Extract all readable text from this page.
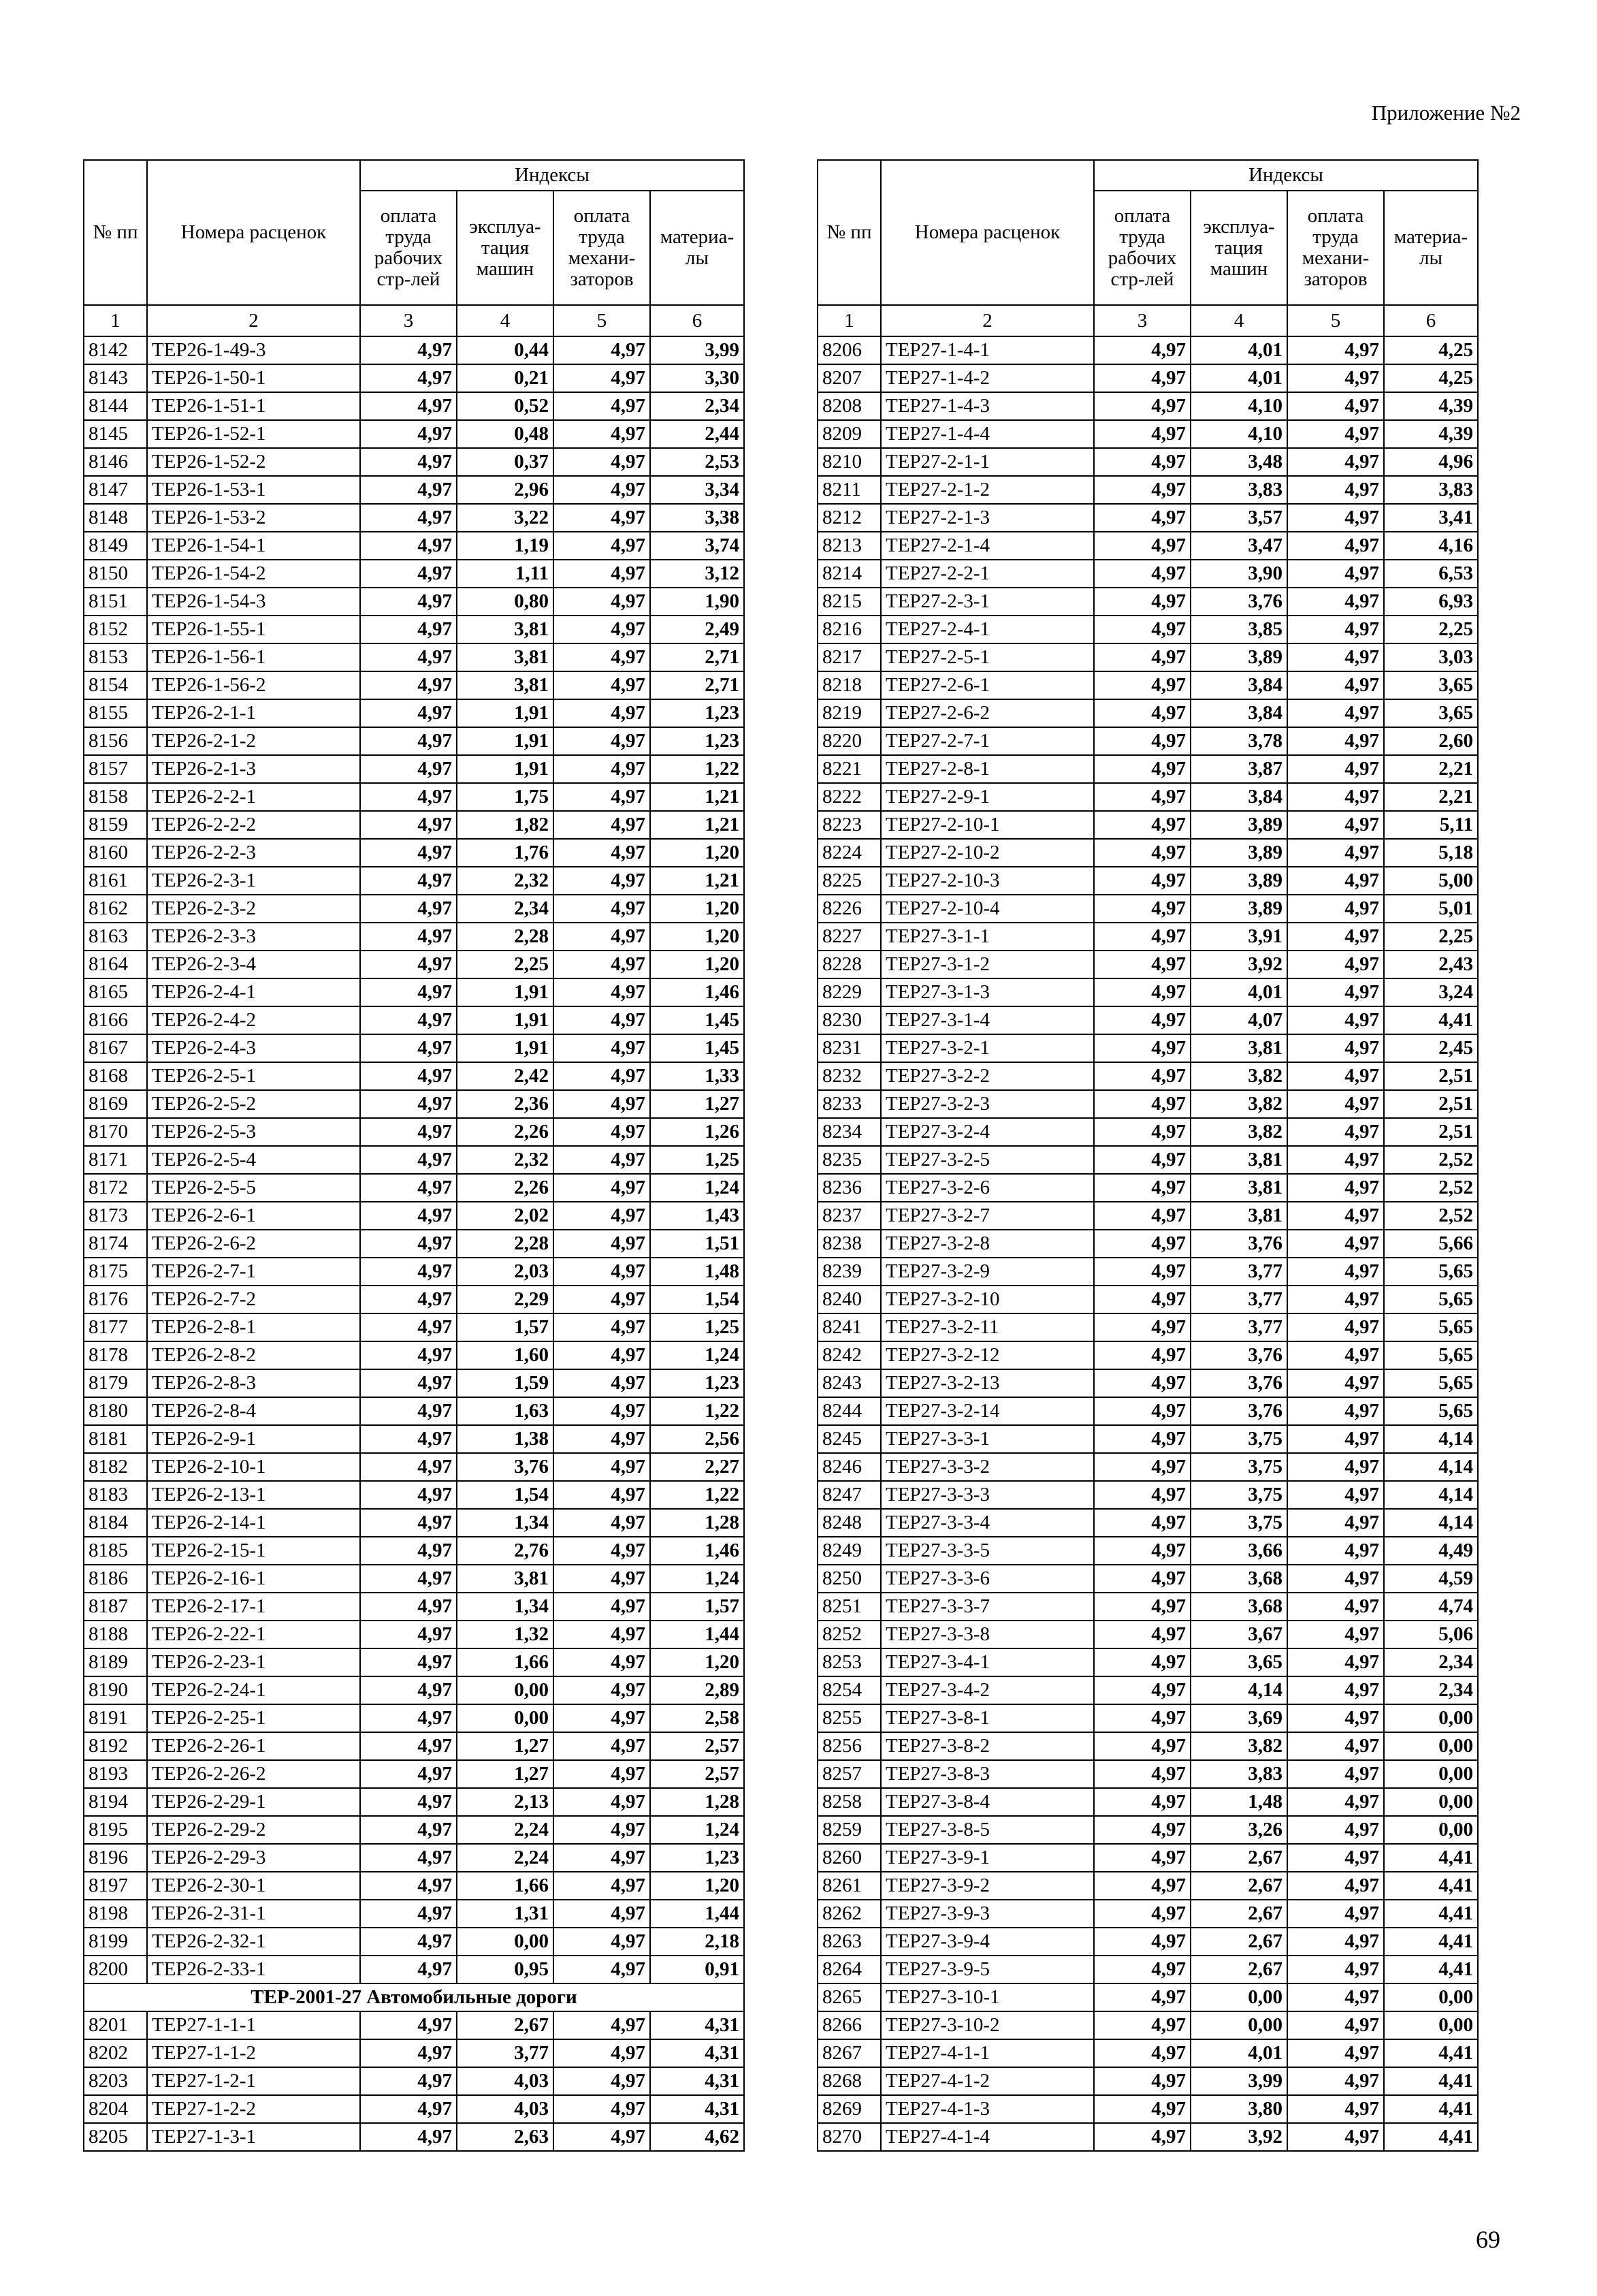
Приложение №2
№ пп	Номера расценок	Индексы			
		оплата труда рабочих стр-лей	эксплуа-тация машин	оплата труда механи-заторов	материа-лы
1	2	3	4	5	6
8142	ТЕР26-1-49-3	4,97	0,44	4,97	3,99
8143	ТЕР26-1-50-1	4,97	0,21	4,97	3,30
8144	ТЕР26-1-51-1	4,97	0,52	4,97	2,34
8145	ТЕР26-1-52-1	4,97	0,48	4,97	2,44
8146	ТЕР26-1-52-2	4,97	0,37	4,97	2,53
8147	ТЕР26-1-53-1	4,97	2,96	4,97	3,34
8148	ТЕР26-1-53-2	4,97	3,22	4,97	3,38
8149	ТЕР26-1-54-1	4,97	1,19	4,97	3,74
8150	ТЕР26-1-54-2	4,97	1,11	4,97	3,12
8151	ТЕР26-1-54-3	4,97	0,80	4,97	1,90
8152	ТЕР26-1-55-1	4,97	3,81	4,97	2,49
8153	ТЕР26-1-56-1	4,97	3,81	4,97	2,71
8154	ТЕР26-1-56-2	4,97	3,81	4,97	2,71
8155	ТЕР26-2-1-1	4,97	1,91	4,97	1,23
8156	ТЕР26-2-1-2	4,97	1,91	4,97	1,23
8157	ТЕР26-2-1-3	4,97	1,91	4,97	1,22
8158	ТЕР26-2-2-1	4,97	1,75	4,97	1,21
8159	ТЕР26-2-2-2	4,97	1,82	4,97	1,21
8160	ТЕР26-2-2-3	4,97	1,76	4,97	1,20
8161	ТЕР26-2-3-1	4,97	2,32	4,97	1,21
8162	ТЕР26-2-3-2	4,97	2,34	4,97	1,20
8163	ТЕР26-2-3-3	4,97	2,28	4,97	1,20
8164	ТЕР26-2-3-4	4,97	2,25	4,97	1,20
8165	ТЕР26-2-4-1	4,97	1,91	4,97	1,46
8166	ТЕР26-2-4-2	4,97	1,91	4,97	1,45
8167	ТЕР26-2-4-3	4,97	1,91	4,97	1,45
8168	ТЕР26-2-5-1	4,97	2,42	4,97	1,33
8169	ТЕР26-2-5-2	4,97	2,36	4,97	1,27
8170	ТЕР26-2-5-3	4,97	2,26	4,97	1,26
8171	ТЕР26-2-5-4	4,97	2,32	4,97	1,25
8172	ТЕР26-2-5-5	4,97	2,26	4,97	1,24
8173	ТЕР26-2-6-1	4,97	2,02	4,97	1,43
8174	ТЕР26-2-6-2	4,97	2,28	4,97	1,51
8175	ТЕР26-2-7-1	4,97	2,03	4,97	1,48
8176	ТЕР26-2-7-2	4,97	2,29	4,97	1,54
8177	ТЕР26-2-8-1	4,97	1,57	4,97	1,25
8178	ТЕР26-2-8-2	4,97	1,60	4,97	1,24
8179	ТЕР26-2-8-3	4,97	1,59	4,97	1,23
8180	ТЕР26-2-8-4	4,97	1,63	4,97	1,22
8181	ТЕР26-2-9-1	4,97	1,38	4,97	2,56
8182	ТЕР26-2-10-1	4,97	3,76	4,97	2,27
8183	ТЕР26-2-13-1	4,97	1,54	4,97	1,22
8184	ТЕР26-2-14-1	4,97	1,34	4,97	1,28
8185	ТЕР26-2-15-1	4,97	2,76	4,97	1,46
8186	ТЕР26-2-16-1	4,97	3,81	4,97	1,24
8187	ТЕР26-2-17-1	4,97	1,34	4,97	1,57
8188	ТЕР26-2-22-1	4,97	1,32	4,97	1,44
8189	ТЕР26-2-23-1	4,97	1,66	4,97	1,20
8190	ТЕР26-2-24-1	4,97	0,00	4,97	2,89
8191	ТЕР26-2-25-1	4,97	0,00	4,97	2,58
8192	ТЕР26-2-26-1	4,97	1,27	4,97	2,57
8193	ТЕР26-2-26-2	4,97	1,27	4,97	2,57
8194	ТЕР26-2-29-1	4,97	2,13	4,97	1,28
8195	ТЕР26-2-29-2	4,97	2,24	4,97	1,24
8196	ТЕР26-2-29-3	4,97	2,24	4,97	1,23
8197	ТЕР26-2-30-1	4,97	1,66	4,97	1,20
8198	ТЕР26-2-31-1	4,97	1,31	4,97	1,44
8199	ТЕР26-2-32-1	4,97	0,00	4,97	2,18
8200	ТЕР26-2-33-1	4,97	0,95	4,97	0,91
ТЕР-2001-27 Автомобильные дороги					
8201	ТЕР27-1-1-1	4,97	2,67	4,97	4,31
8202	ТЕР27-1-1-2	4,97	3,77	4,97	4,31
8203	ТЕР27-1-2-1	4,97	4,03	4,97	4,31
8204	ТЕР27-1-2-2	4,97	4,03	4,97	4,31
8205	ТЕР27-1-3-1	4,97	2,63	4,97	4,62
№ пп	Номера расценок	Индексы			
		оплата труда рабочих стр-лей	эксплуа-тация машин	оплата труда механи-заторов	материа-лы
1	2	3	4	5	6
8206	ТЕР27-1-4-1	4,97	4,01	4,97	4,25
8207	ТЕР27-1-4-2	4,97	4,01	4,97	4,25
8208	ТЕР27-1-4-3	4,97	4,10	4,97	4,39
8209	ТЕР27-1-4-4	4,97	4,10	4,97	4,39
8210	ТЕР27-2-1-1	4,97	3,48	4,97	4,96
8211	ТЕР27-2-1-2	4,97	3,83	4,97	3,83
8212	ТЕР27-2-1-3	4,97	3,57	4,97	3,41
8213	ТЕР27-2-1-4	4,97	3,47	4,97	4,16
8214	ТЕР27-2-2-1	4,97	3,90	4,97	6,53
8215	ТЕР27-2-3-1	4,97	3,76	4,97	6,93
8216	ТЕР27-2-4-1	4,97	3,85	4,97	2,25
8217	ТЕР27-2-5-1	4,97	3,89	4,97	3,03
8218	ТЕР27-2-6-1	4,97	3,84	4,97	3,65
8219	ТЕР27-2-6-2	4,97	3,84	4,97	3,65
8220	ТЕР27-2-7-1	4,97	3,78	4,97	2,60
8221	ТЕР27-2-8-1	4,97	3,87	4,97	2,21
8222	ТЕР27-2-9-1	4,97	3,84	4,97	2,21
8223	ТЕР27-2-10-1	4,97	3,89	4,97	5,11
8224	ТЕР27-2-10-2	4,97	3,89	4,97	5,18
8225	ТЕР27-2-10-3	4,97	3,89	4,97	5,00
8226	ТЕР27-2-10-4	4,97	3,89	4,97	5,01
8227	ТЕР27-3-1-1	4,97	3,91	4,97	2,25
8228	ТЕР27-3-1-2	4,97	3,92	4,97	2,43
8229	ТЕР27-3-1-3	4,97	4,01	4,97	3,24
8230	ТЕР27-3-1-4	4,97	4,07	4,97	4,41
8231	ТЕР27-3-2-1	4,97	3,81	4,97	2,45
8232	ТЕР27-3-2-2	4,97	3,82	4,97	2,51
8233	ТЕР27-3-2-3	4,97	3,82	4,97	2,51
8234	ТЕР27-3-2-4	4,97	3,82	4,97	2,51
8235	ТЕР27-3-2-5	4,97	3,81	4,97	2,52
8236	ТЕР27-3-2-6	4,97	3,81	4,97	2,52
8237	ТЕР27-3-2-7	4,97	3,81	4,97	2,52
8238	ТЕР27-3-2-8	4,97	3,76	4,97	5,66
8239	ТЕР27-3-2-9	4,97	3,77	4,97	5,65
8240	ТЕР27-3-2-10	4,97	3,77	4,97	5,65
8241	ТЕР27-3-2-11	4,97	3,77	4,97	5,65
8242	ТЕР27-3-2-12	4,97	3,76	4,97	5,65
8243	ТЕР27-3-2-13	4,97	3,76	4,97	5,65
8244	ТЕР27-3-2-14	4,97	3,76	4,97	5,65
8245	ТЕР27-3-3-1	4,97	3,75	4,97	4,14
8246	ТЕР27-3-3-2	4,97	3,75	4,97	4,14
8247	ТЕР27-3-3-3	4,97	3,75	4,97	4,14
8248	ТЕР27-3-3-4	4,97	3,75	4,97	4,14
8249	ТЕР27-3-3-5	4,97	3,66	4,97	4,49
8250	ТЕР27-3-3-6	4,97	3,68	4,97	4,59
8251	ТЕР27-3-3-7	4,97	3,68	4,97	4,74
8252	ТЕР27-3-3-8	4,97	3,67	4,97	5,06
8253	ТЕР27-3-4-1	4,97	3,65	4,97	2,34
8254	ТЕР27-3-4-2	4,97	4,14	4,97	2,34
8255	ТЕР27-3-8-1	4,97	3,69	4,97	0,00
8256	ТЕР27-3-8-2	4,97	3,82	4,97	0,00
8257	ТЕР27-3-8-3	4,97	3,83	4,97	0,00
8258	ТЕР27-3-8-4	4,97	1,48	4,97	0,00
8259	ТЕР27-3-8-5	4,97	3,26	4,97	0,00
8260	ТЕР27-3-9-1	4,97	2,67	4,97	4,41
8261	ТЕР27-3-9-2	4,97	2,67	4,97	4,41
8262	ТЕР27-3-9-3	4,97	2,67	4,97	4,41
8263	ТЕР27-3-9-4	4,97	2,67	4,97	4,41
8264	ТЕР27-3-9-5	4,97	2,67	4,97	4,41
8265	ТЕР27-3-10-1	4,97	0,00	4,97	0,00
8266	ТЕР27-3-10-2	4,97	0,00	4,97	0,00
8267	ТЕР27-4-1-1	4,97	4,01	4,97	4,41
8268	ТЕР27-4-1-2	4,97	3,99	4,97	4,41
8269	ТЕР27-4-1-3	4,97	3,80	4,97	4,41
8270	ТЕР27-4-1-4	4,97	3,92	4,97	4,41
69
